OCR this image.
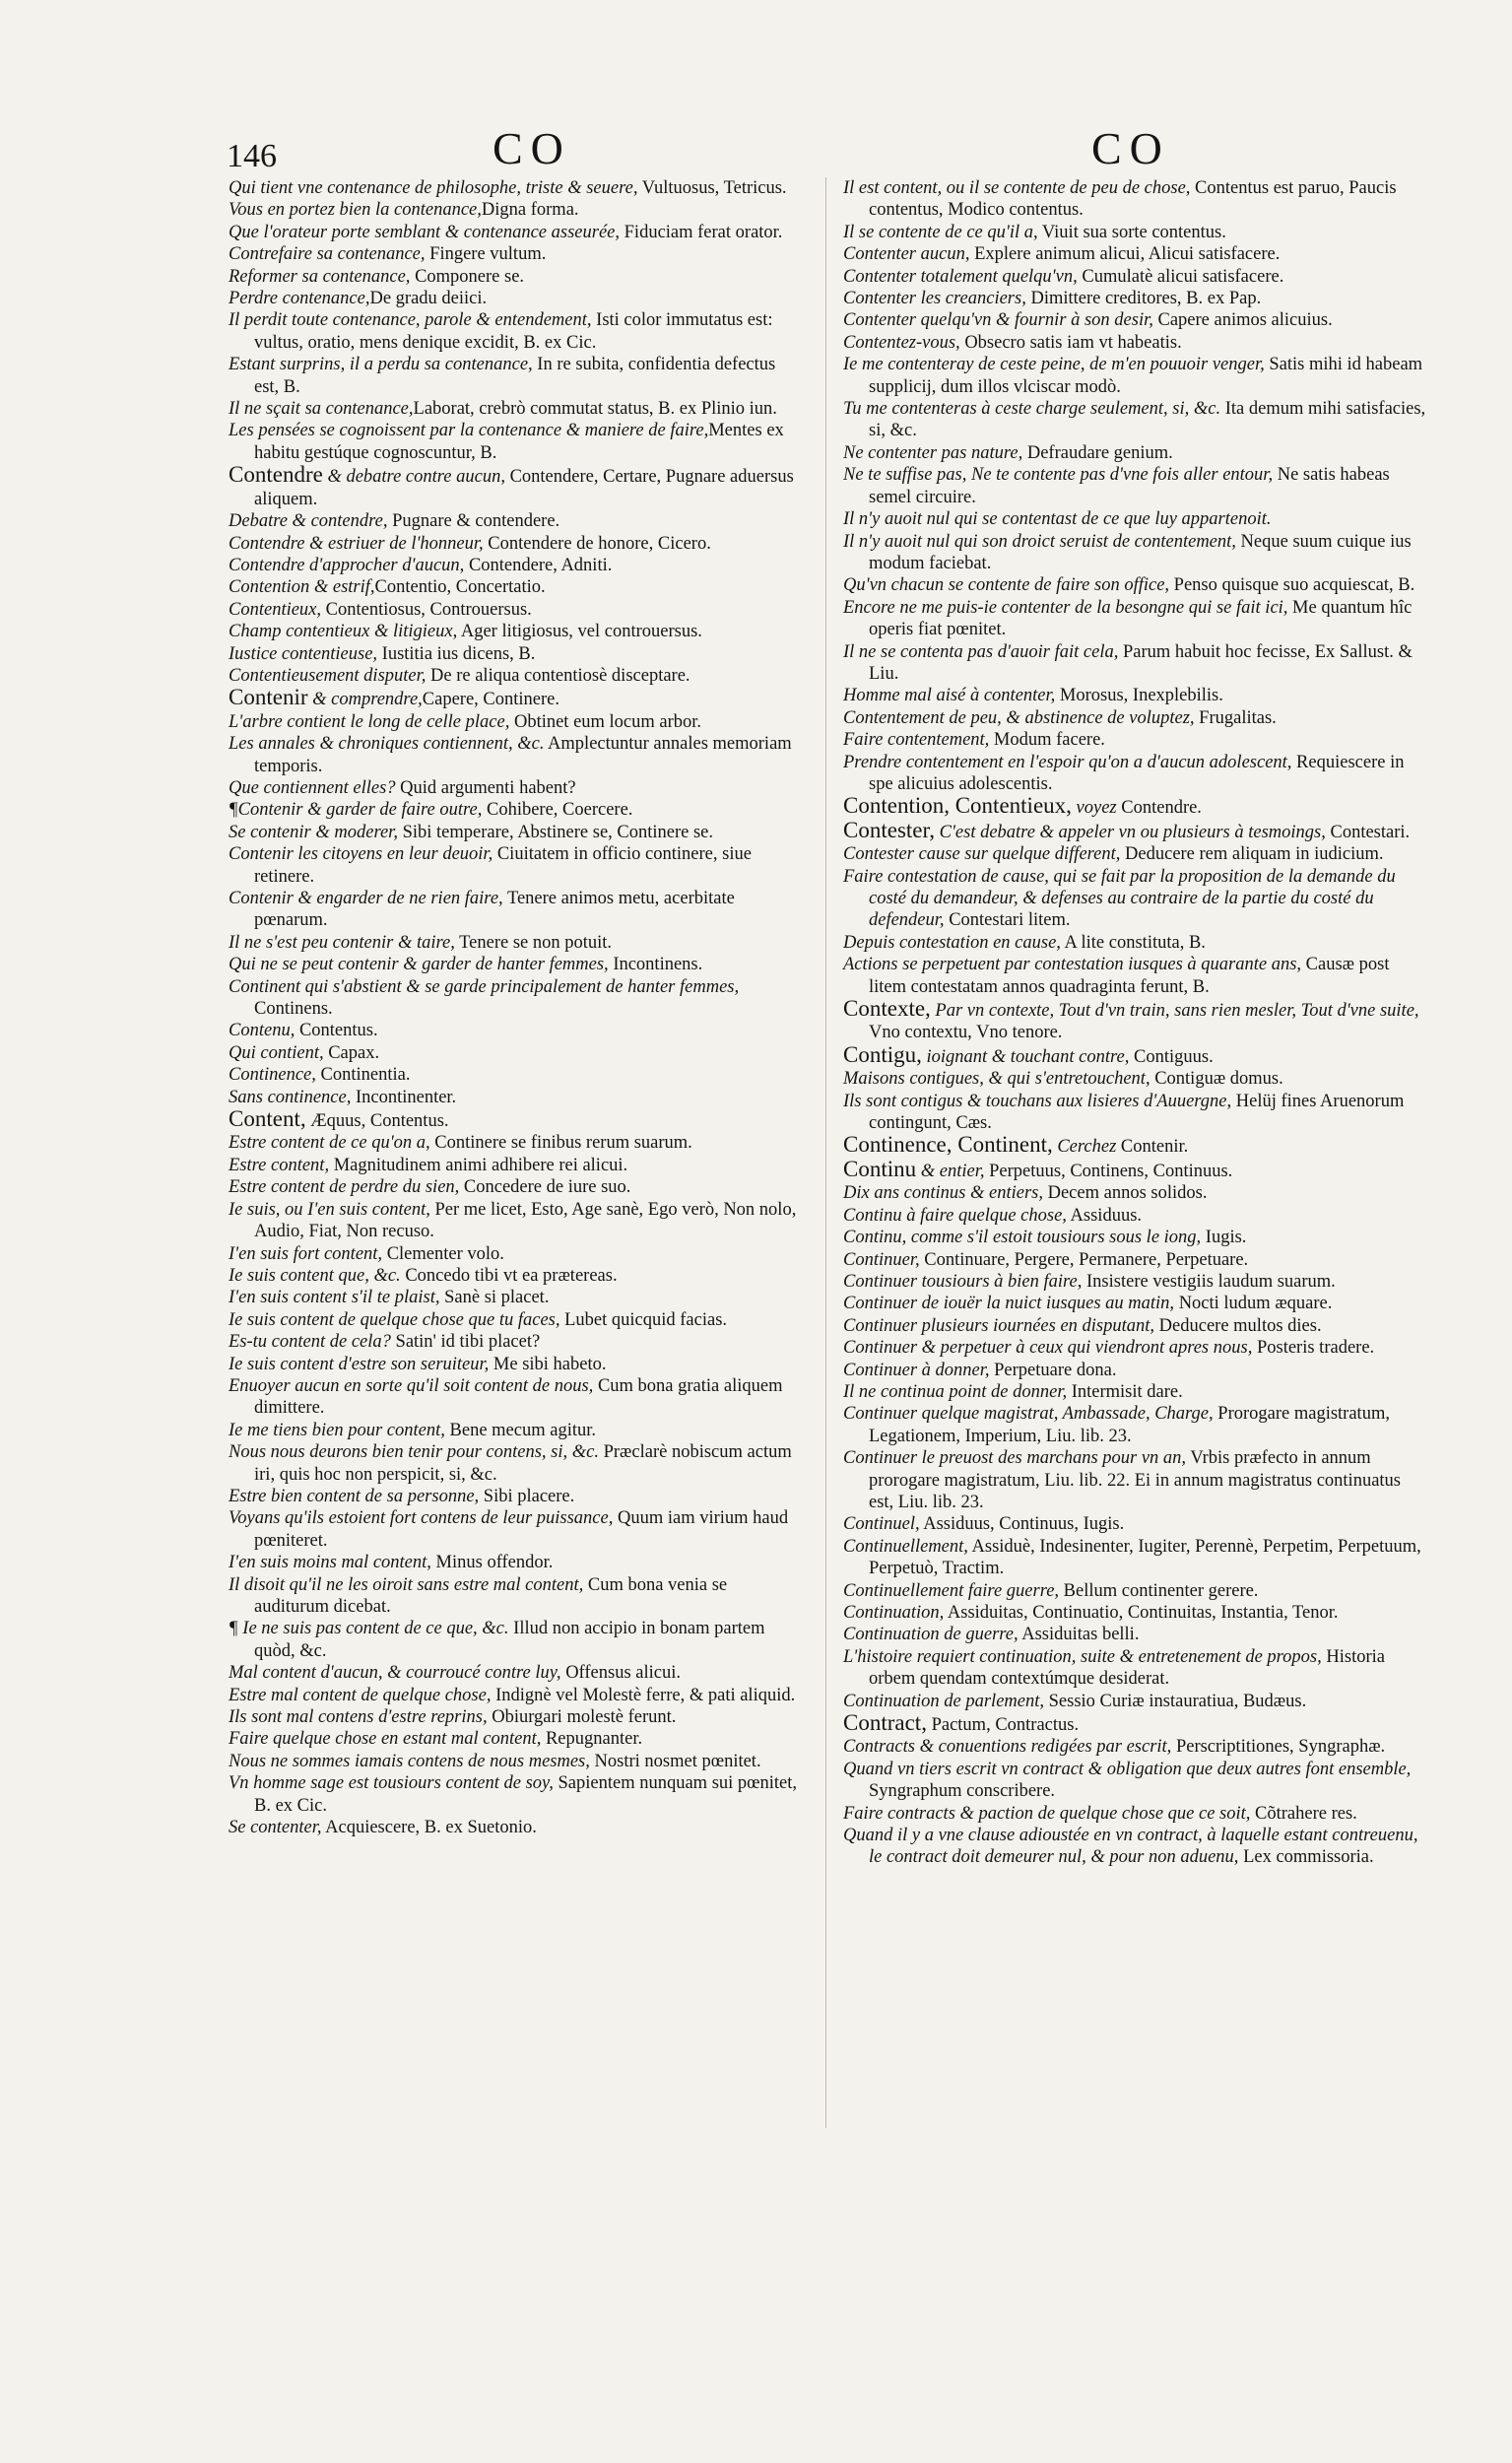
146	CO	CO

Qui tient vne contenance de philosophe, triste & seuere, Vultuosus, Tetricus.

Vous en portez bien la contenance,Digna forma.

Que l'orateur porte semblant & contenance asseurée, Fiduciam ferat orator.

Contrefaire sa contenance, Fingere vultum.

Reformer sa contenance, Componere se.

Perdre contenance,De gradu deiici.

Il perdit toute contenance, parole & entendement, Isti color immutatus est: vultus, oratio, mens denique excidit, B. ex Cic.

Estant surprins, il a perdu sa contenance, In re subita, confidentia defectus est, B.

Il ne sçait sa contenance,Laborat, crebrò commutat status, B. ex Plinio iun.

Les pensées se cognoissent par la contenance & maniere de faire,Mentes ex habitu gestúque cognoscuntur, B.

Contendre & debatre contre aucun, Contendere, Certare, Pugnare aduersus aliquem.

Debatre & contendre, Pugnare & contendere.

Contendre & estriuer de l'honneur, Contendere de honore, Cicero.

Contendre d'approcher d'aucun, Contendere, Adniti.

Contention & estrif,Contentio, Concertatio.

Contentieux, Contentiosus, Controuersus.

Champ contentieux & litigieux, Ager litigiosus, vel controuersus.

Iustice contentieuse, Iustitia ius dicens, B.

Contentieusement disputer, De re aliqua contentiosè disceptare.

Contenir & comprendre,Capere, Continere.

L'arbre contient le long de celle place, Obtinet eum locum arbor.

Les annales & chroniques contiennent, &c. Amplectuntur annales memoriam temporis.

Que contiennent elles? Quid argumenti habent?

¶Contenir & garder de faire outre, Cohibere, Coercere.

Se contenir & moderer, Sibi temperare, Abstinere se, Continere se.

Contenir les citoyens en leur deuoir, Ciuitatem in officio continere, siue retinere.

Contenir & engarder de ne rien faire, Tenere animos metu, acerbitate pœnarum.

Il ne s'est peu contenir & taire, Tenere se non potuit.

Qui ne se peut contenir & garder de hanter femmes, Incontinens.

Continent qui s'abstient & se garde principalement de hanter femmes, Continens.

Contenu, Contentus.

Qui contient, Capax.

Continence, Continentia.

Sans continence, Incontinenter.

Content, Æquus, Contentus.

Estre content de ce qu'on a, Continere se finibus rerum suarum.

Estre content, Magnitudinem animi adhibere rei alicui.

Estre content de perdre du sien, Concedere de iure suo.

Ie suis, ou I'en suis content, Per me licet, Esto, Age sanè, Ego verò, Non nolo, Audio, Fiat, Non recuso.

I'en suis fort content, Clementer volo.

Ie suis content que, &c. Concedo tibi vt ea prætereas.

I'en suis content s'il te plaist, Sanè si placet.

Ie suis content de quelque chose que tu faces, Lubet quicquid facias.

Es-tu content de cela? Satin' id tibi placet?

Ie suis content d'estre son seruiteur, Me sibi habeto.

Enuoyer aucun en sorte qu'il soit content de nous, Cum bona gratia aliquem dimittere.

Ie me tiens bien pour content, Bene mecum agitur.

Nous nous deurons bien tenir pour contens, si, &c. Præclarè nobiscum actum iri, quis hoc non perspicit, si, &c.

Estre bien content de sa personne, Sibi placere.

Voyans qu'ils estoient fort contens de leur puissance, Quum iam virium haud pœniteret.

I'en suis moins mal content, Minus offendor.

Il disoit qu'il ne les oiroit sans estre mal content, Cum bona venia se auditurum dicebat.

¶ Ie ne suis pas content de ce que, &c. Illud non accipio in bonam partem quòd, &c.

Mal content d'aucun, & courroucé contre luy, Offensus alicui.

Estre mal content de quelque chose, Indignè vel Molestè ferre, & pati aliquid.

Ils sont mal contens d'estre reprins, Obiurgari molestè ferunt.

Faire quelque chose en estant mal content, Repugnanter.

Nous ne sommes iamais contens de nous mesmes, Nostri nosmet pœnitet.

Vn homme sage est tousiours content de soy, Sapientem nunquam sui pœnitet, B. ex Cic.

Se contenter, Acquiescere, B. ex Suetonio.

Il est content, ou il se contente de peu de chose, Contentus est paruo, Paucis contentus, Modico contentus.

Il se contente de ce qu'il a, Viuit sua sorte contentus.

Contenter aucun, Explere animum alicui, Alicui satisfacere.

Contenter totalement quelqu'vn, Cumulatè alicui satisfacere.

Contenter les creanciers, Dimittere creditores, B. ex Pap.

Contenter quelqu'vn & fournir à son desir, Capere animos alicuius.

Contentez-vous, Obsecro satis iam vt habeatis.

Ie me contenteray de ceste peine, de m'en pouuoir venger, Satis mihi id habeam supplicij, dum illos vlciscar modò.

Tu me contenteras à ceste charge seulement, si, &c. Ita demum mihi satisfacies, si, &c.

Ne contenter pas nature, Defraudare genium.

Ne te suffise pas, Ne te contente pas d'vne fois aller entour, Ne satis habeas semel circuire.

Il n'y auoit nul qui se contentast de ce que luy appartenoit.

Il n'y auoit nul qui son droict seruist de contentement, Neque suum cuique ius modum faciebat.

Qu'vn chacun se contente de faire son office, Penso quisque suo acquiescat, B.

Encore ne me puis-ie contenter de la besongne qui se fait ici, Me quantum hîc operis fiat pœnitet.

Il ne se contenta pas d'auoir fait cela, Parum habuit hoc fecisse, Ex Sallust. & Liu.

Homme mal aisé à contenter, Morosus, Inexplebilis.

Contentement de peu, & abstinence de voluptez, Frugalitas.

Faire contentement, Modum facere.

Prendre contentement en l'espoir qu'on a d'aucun adolescent, Requiescere in spe alicuius adolescentis.

Contention, Contentieux, voyez Contendre.

Contester, C'est debatre & appeler vn ou plusieurs à tesmoings, Contestari.

Contester cause sur quelque different, Deducere rem aliquam in iudicium.

Faire contestation de cause, qui se fait par la proposition de la demande du costé du demandeur, & defenses au contraire de la partie du costé du defendeur, Contestari litem.

Depuis contestation en cause, A lite constituta, B.

Actions se perpetuent par contestation iusques à quarante ans, Causæ post litem contestatam annos quadraginta ferunt, B.

Contexte, Par vn contexte, Tout d'vn train, sans rien mesler, Tout d'vne suite, Vno contextu, Vno tenore.

Contigu, ioignant & touchant contre, Contiguus.

Maisons contigues, & qui s'entretouchent, Contiguæ domus.

Ils sont contigus & touchans aux lisieres d'Auuergne, Helüj fines Aruenorum contingunt, Cæs.

Continence, Continent, Cerchez Contenir.

Continu & entier, Perpetuus, Continens, Continuus.

Dix ans continus & entiers, Decem annos solidos.

Continu à faire quelque chose, Assiduus.

Continu, comme s'il estoit tousiours sous le iong, Iugis.

Continuer, Continuare, Pergere, Permanere, Perpetuare.

Continuer tousiours à bien faire, Insistere vestigiis laudum suarum.

Continuer de iouër la nuict iusques au matin, Nocti ludum æquare.

Continuer plusieurs iournées en disputant, Deducere multos dies.

Continuer & perpetuer à ceux qui viendront apres nous, Posteris tradere.

Continuer à donner, Perpetuare dona.

Il ne continua point de donner, Intermisit dare.

Continuer quelque magistrat, Ambassade, Charge, Prorogare magistratum, Legationem, Imperium, Liu. lib. 23.

Continuer le preuost des marchans pour vn an, Vrbis præfecto in annum prorogare magistratum, Liu. lib. 22. Ei in annum magistratus continuatus est, Liu. lib. 23.

Continuel, Assiduus, Continuus, Iugis.

Continuellement, Assiduè, Indesinenter, Iugiter, Perennè, Perpetim, Perpetuum, Perpetuò, Tractim.

Continuellement faire guerre, Bellum continenter gerere.

Continuation, Assiduitas, Continuatio, Continuitas, Instantia, Tenor.

Continuation de guerre, Assiduitas belli.

L'histoire requiert continuation, suite & entretenement de propos, Historia orbem quendam contextúmque desiderat.

Continuation de parlement, Sessio Curiæ instauratiua, Budæus.

Contract, Pactum, Contractus.

Contracts & conuentions redigées par escrit, Perscriptitiones, Syngraphæ.

Quand vn tiers escrit vn contract & obligation que deux autres font ensemble, Syngraphum conscribere.

Faire contracts & paction de quelque chose que ce soit, Cõtrahere res.

Quand il y a vne clause adioustée en vn contract, à laquelle estant contreuenu, le contract doit demeurer nul, & pour non aduenu, Lex commissoria.
